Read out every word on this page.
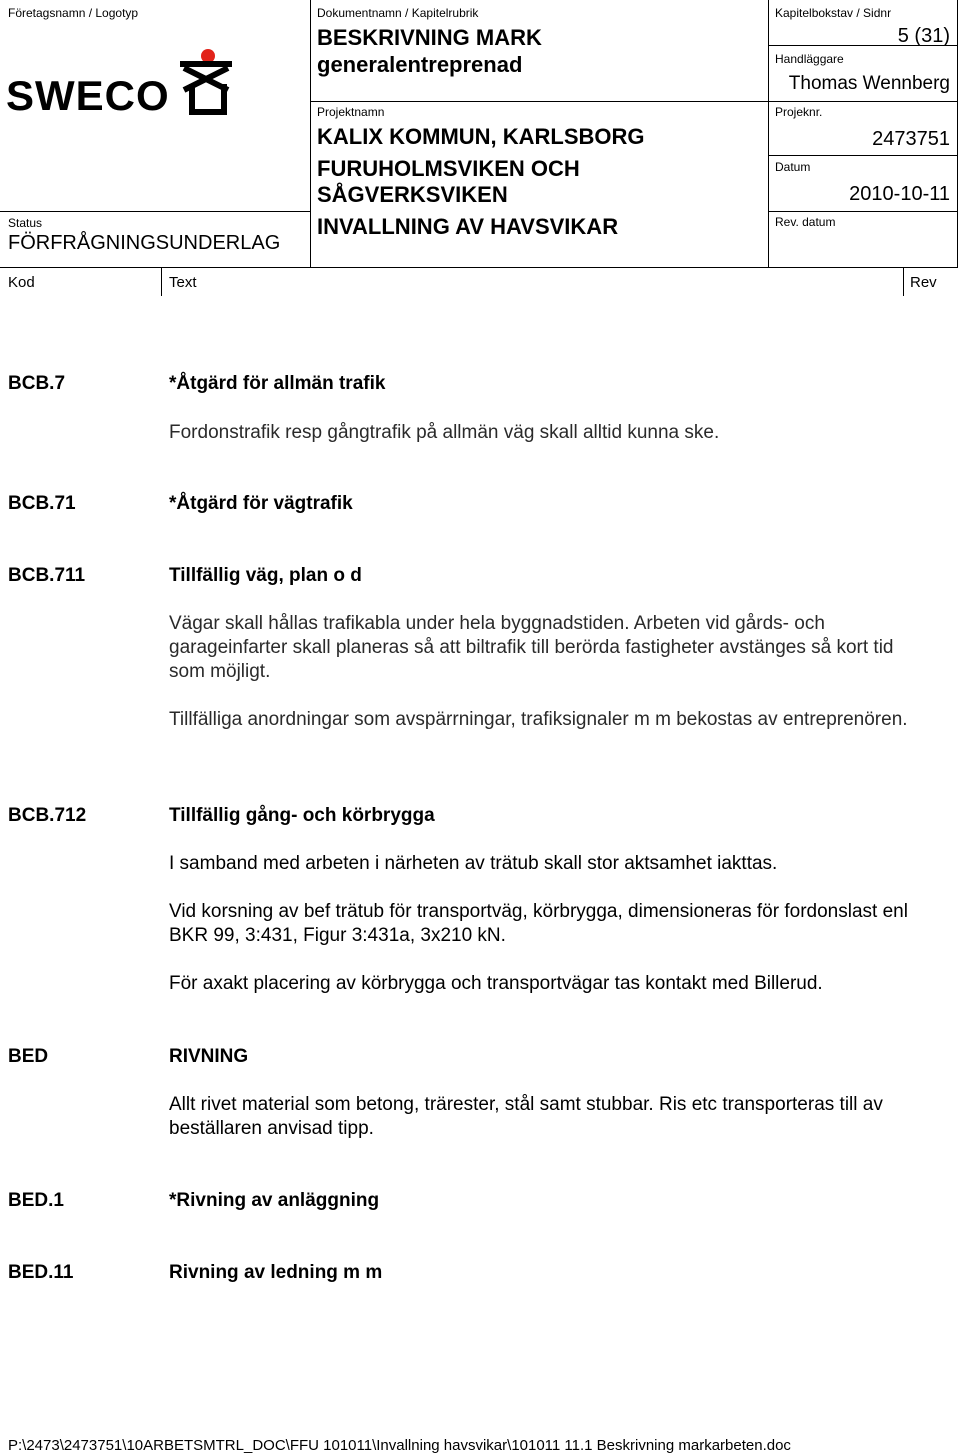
Företagsnamn / Logotyp
SWECO
Status
FÖRFRÅGNINGSUNDERLAG
Dokumentnamn / Kapitelrubrik
BESKRIVNING MARK
generalentreprenad
Projektnamn
KALIX KOMMUN, KARLSBORG
FURUHOLMSVIKEN OCH
SÅGVERKSVIKEN
INVALLNING AV HAVSVIKAR
Kapitelbokstav / Sidnr
5 (31)
Handläggare
Thomas Wennberg
Projeknr.
2473751
Datum
2010-10-11
Rev. datum
Kod	Text	Rev
BCB.7	*Åtgärd för allmän trafik
Fordonstrafik resp gångtrafik på allmän väg skall alltid kunna ske.
BCB.71	*Åtgärd för vägtrafik
BCB.711	Tillfällig väg, plan o d
Vägar skall hållas trafikabla under hela byggnadstiden. Arbeten vid gårds- och garageinfarter skall planeras så att biltrafik till berörda fastigheter avstänges så kort tid som möjligt.
Tillfälliga anordningar som avspärrningar, trafiksignaler m m bekostas av entreprenören.
BCB.712	Tillfällig gång- och körbrygga
I samband med arbeten i närheten av trätub skall stor aktsamhet iakttas.
Vid korsning av bef trätub för transportväg, körbrygga, dimensioneras för fordonslast enl BKR 99, 3:431, Figur 3:431a, 3x210 kN.
För axakt placering av körbrygga och transportvägar tas kontakt med Billerud.
BED	RIVNING
Allt rivet material som betong, trärester, stål samt stubbar. Ris etc transporteras till av beställaren anvisad tipp.
BED.1	*Rivning av anläggning
BED.11	Rivning av ledning m m
P:\2473\2473751\10ARBETSMTRL_DOC\FFU 101011\Invallning havsvikar\101011 11.1 Beskrivning markarbeten.doc
